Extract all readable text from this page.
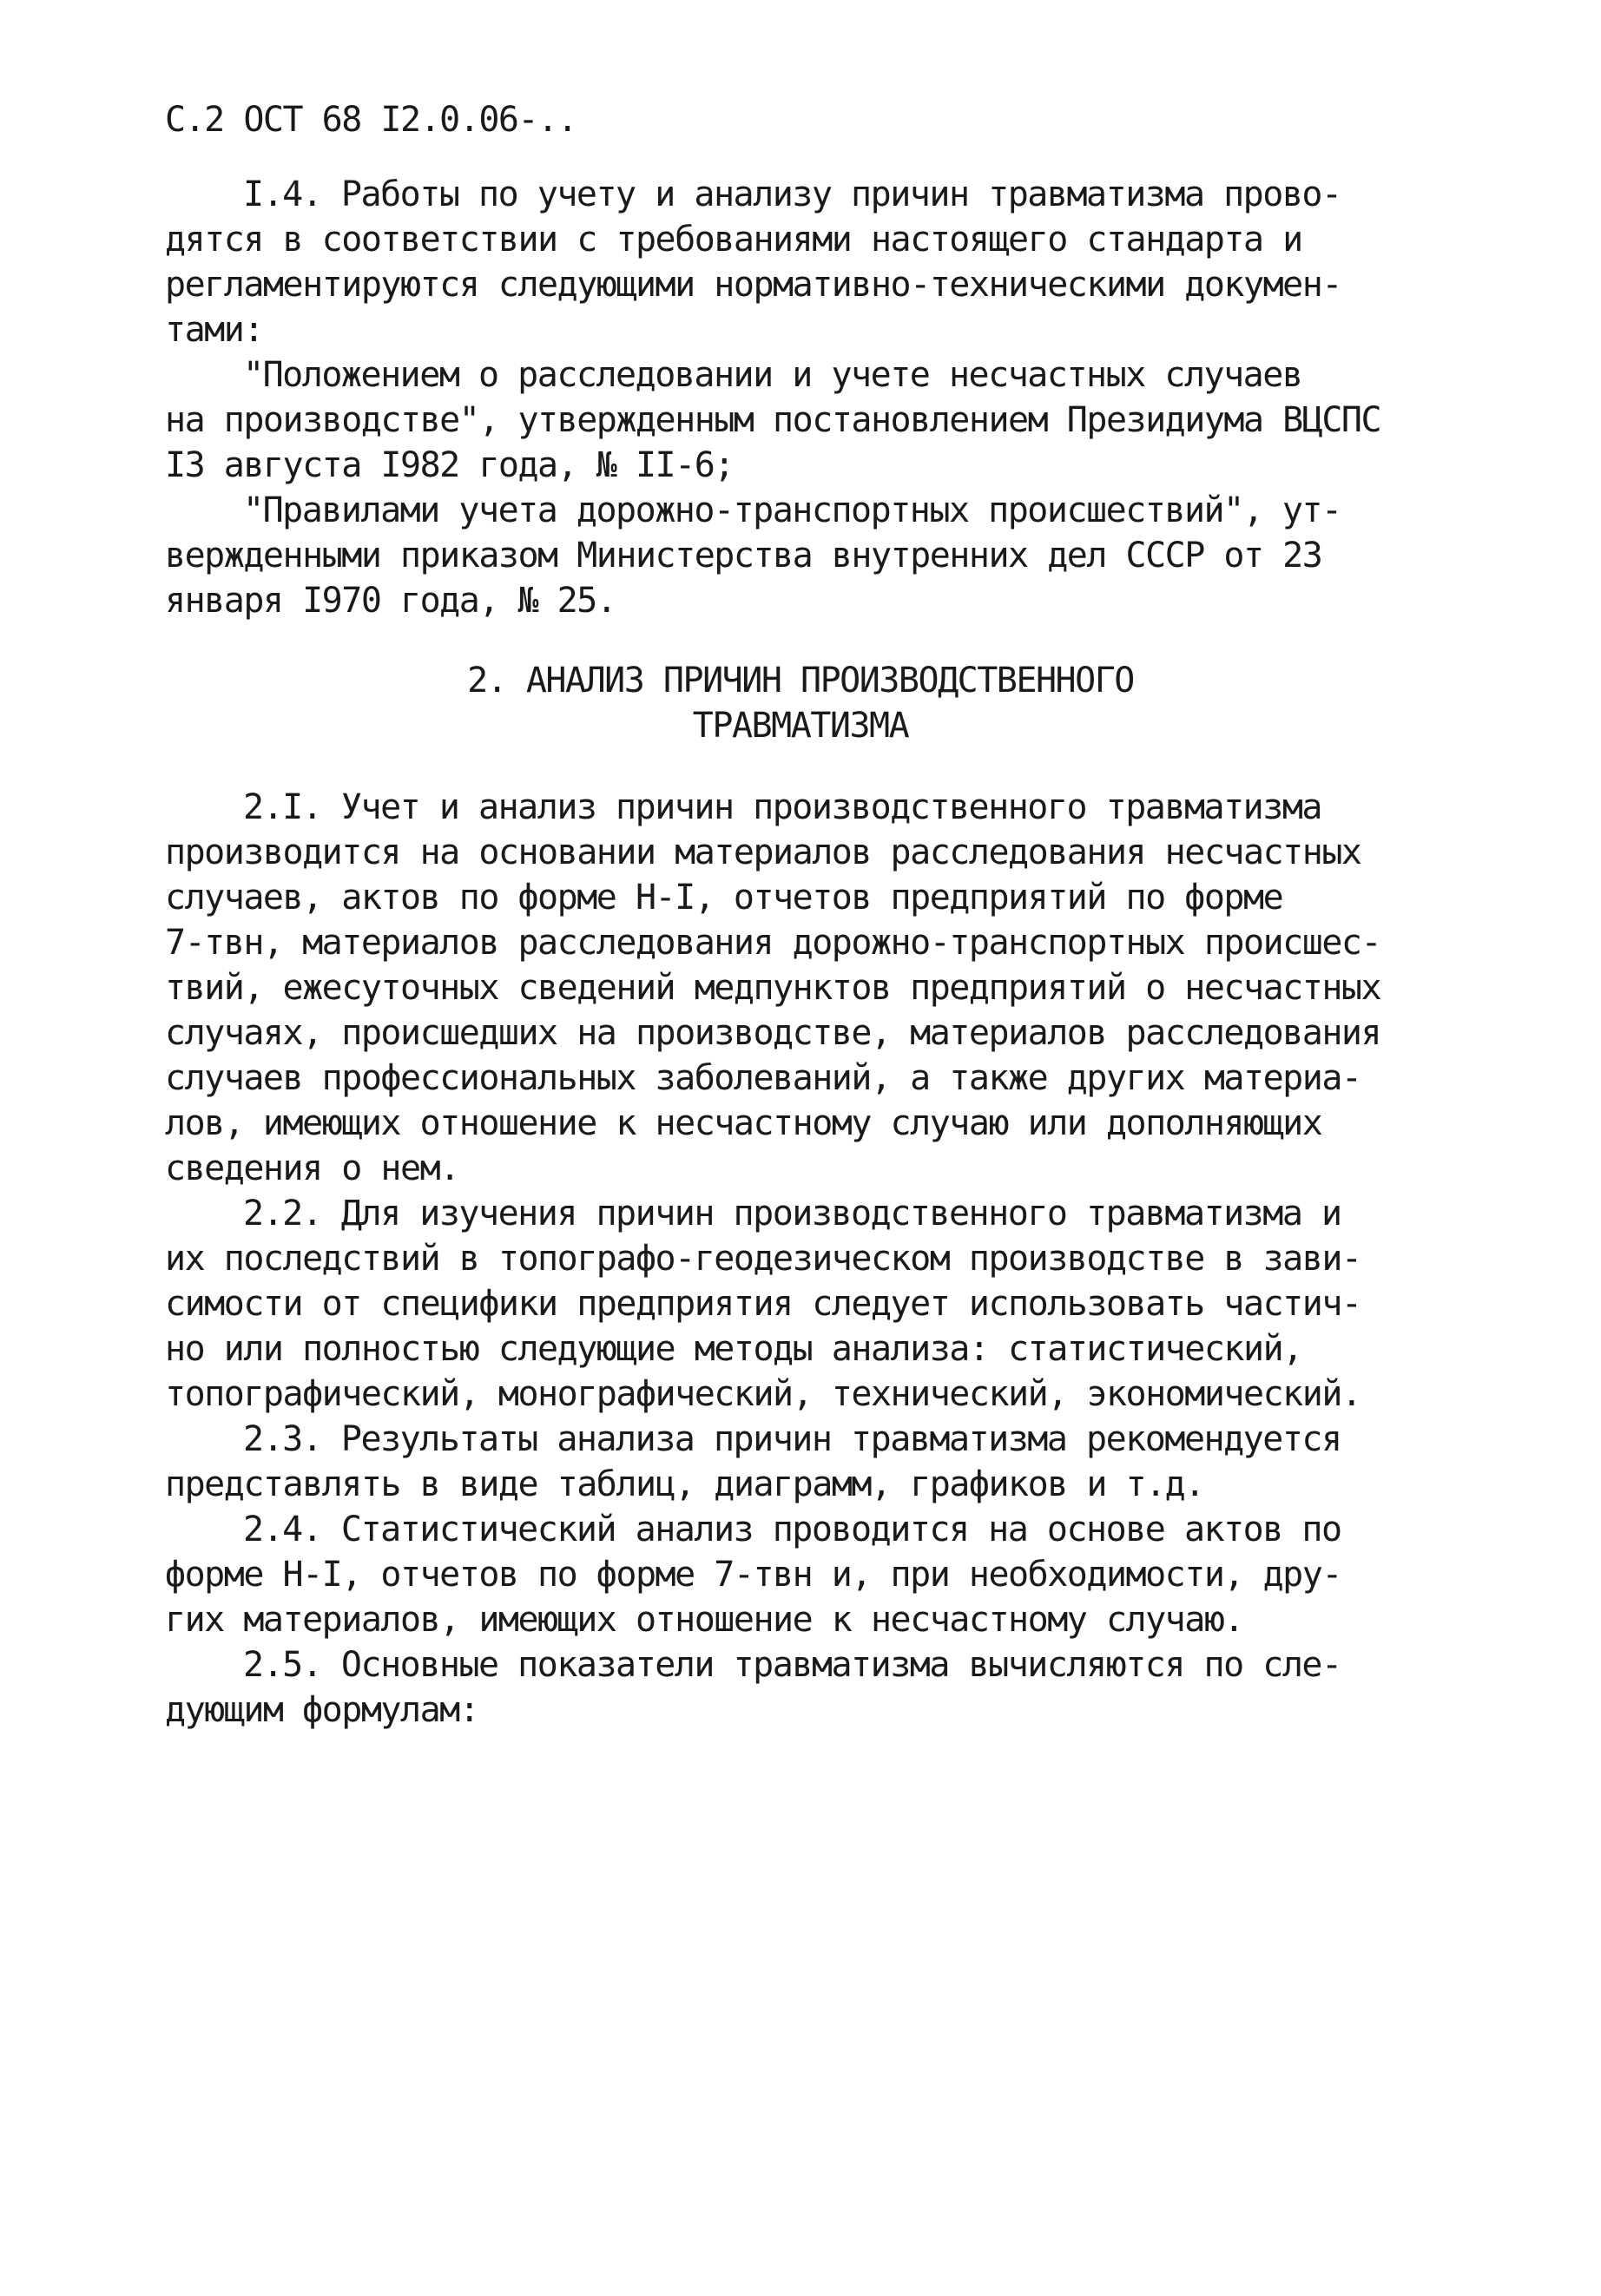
С.2 ОСТ 68 I2.0.06-..
I.4. Работы по учету и анализу причин травматизма прово-
дятся в соответствии с требованиями настоящего стандарта и
регламентируются следующими нормативно-техническими докумен-
тами:
"Положением о расследовании и учете несчастных случаев
на производстве", утвержденным постановлением Президиума ВЦСПС
I3 августа I982 года, № II-6;
"Правилами учета дорожно-транспортных происшествий", ут-
вержденными приказом Министерства внутренних дел СССР от 23
января I970 года, № 25.
2. АНАЛИЗ ПРИЧИН ПРОИЗВОДСТВЕННОГО
ТРАВМАТИЗМА
2.I. Учет и анализ причин производственного травматизма
производится на основании материалов расследования несчастных
случаев, актов по форме Н-I, отчетов предприятий по форме
7-твн, материалов расследования дорожно-транспортных происшес-
твий, ежесуточных сведений медпунктов предприятий о несчастных
случаях, происшедших на производстве, материалов расследования
случаев профессиональных заболеваний, а также других материа-
лов, имеющих отношение к несчастному случаю или дополняющих
сведения о нем.
2.2. Для изучения причин производственного травматизма и
их последствий в топографо-геодезическом производстве в зави-
симости от специфики предприятия следует использовать частич-
но или полностью следующие методы анализа: статистический,
топографический, монографический, технический, экономический.
2.3. Результаты анализа причин травматизма рекомендуется
представлять в виде таблиц, диаграмм, графиков и т.д.
2.4. Статистический анализ проводится на основе актов по
форме Н-I, отчетов по форме 7-твн и, при необходимости, дру-
гих материалов, имеющих отношение к несчастному случаю.
2.5. Основные показатели травматизма вычисляются по сле-
дующим формулам:
